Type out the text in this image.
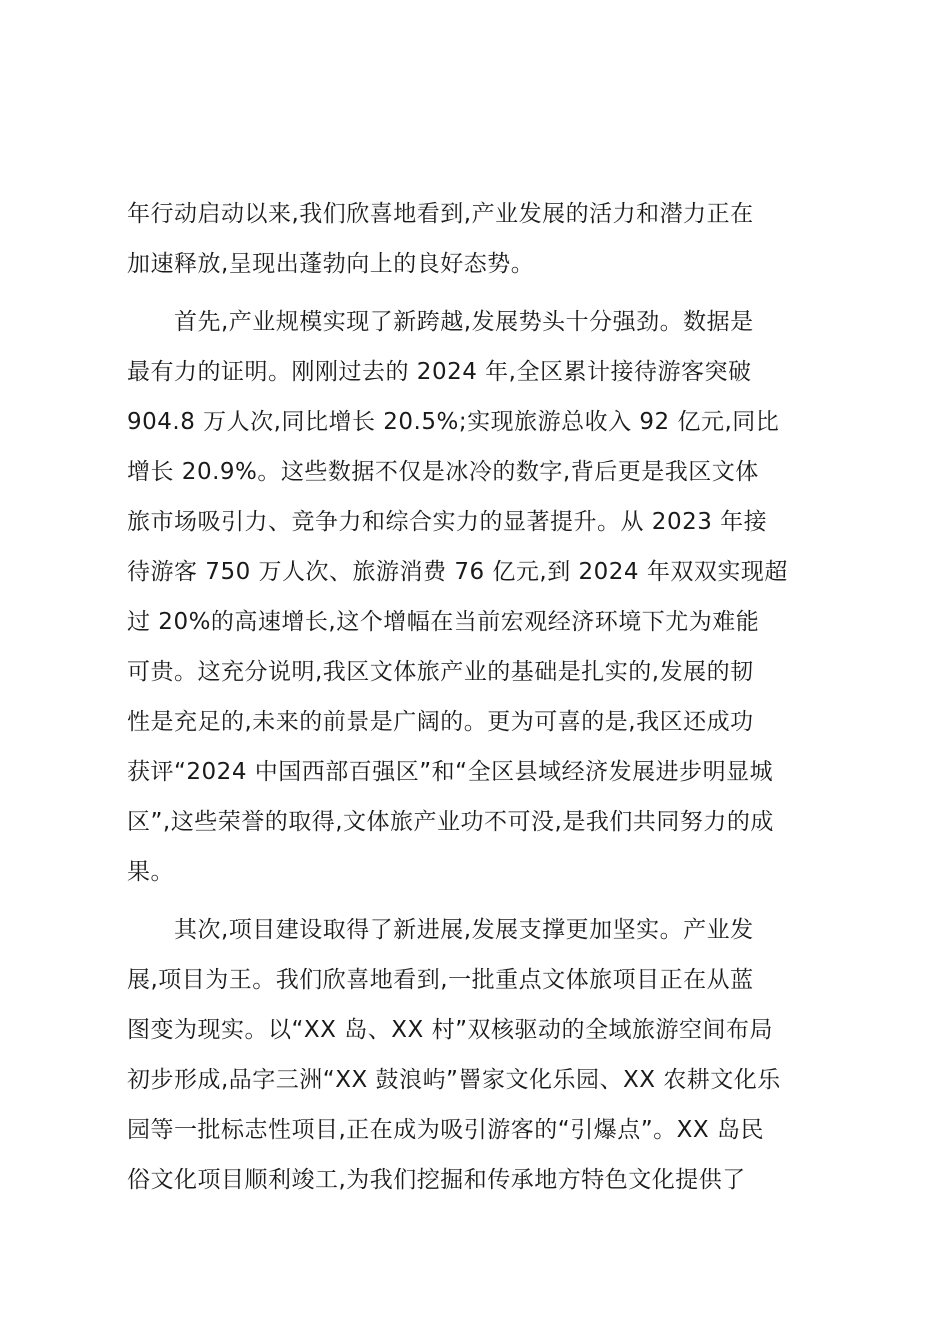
年行动启动以来,我们欣喜地看到,产业发展的活力和潜力正在
加速释放,呈现出蓬勃向上的良好态势。
　　首先,产业规模实现了新跨越,发展势头十分强劲。数据是
最有力的证明。刚刚过去的 2024 年,全区累计接待游客突破
904.8 万人次,同比增长 20.5%;实现旅游总收入 92 亿元,同比
增长 20.9%。这些数据不仅是冰冷的数字,背后更是我区文体
旅市场吸引力、竞争力和综合实力的显著提升。从 2023 年接
待游客 750 万人次、旅游消费 76 亿元,到 2024 年双双实现超
过 20%的高速增长,这个增幅在当前宏观经济环境下尤为难能
可贵。这充分说明,我区文体旅产业的基础是扎实的,发展的韧
性是充足的,未来的前景是广阔的。更为可喜的是,我区还成功
获评“2024 中国西部百强区”和“全区县域经济发展进步明显城
区”,这些荣誉的取得,文体旅产业功不可没,是我们共同努力的成
果。
　　其次,项目建设取得了新进展,发展支撑更加坚实。产业发
展,项目为王。我们欣喜地看到,一批重点文体旅项目正在从蓝
图变为现实。以“XX 岛、XX 村”双核驱动的全域旅游空间布局
初步形成,品字三洲“XX 鼓浪屿”罾家文化乐园、XX 农耕文化乐
园等一批标志性项目,正在成为吸引游客的“引爆点”。XX 岛民
俗文化项目顺利竣工,为我们挖掘和传承地方特色文化提供了
